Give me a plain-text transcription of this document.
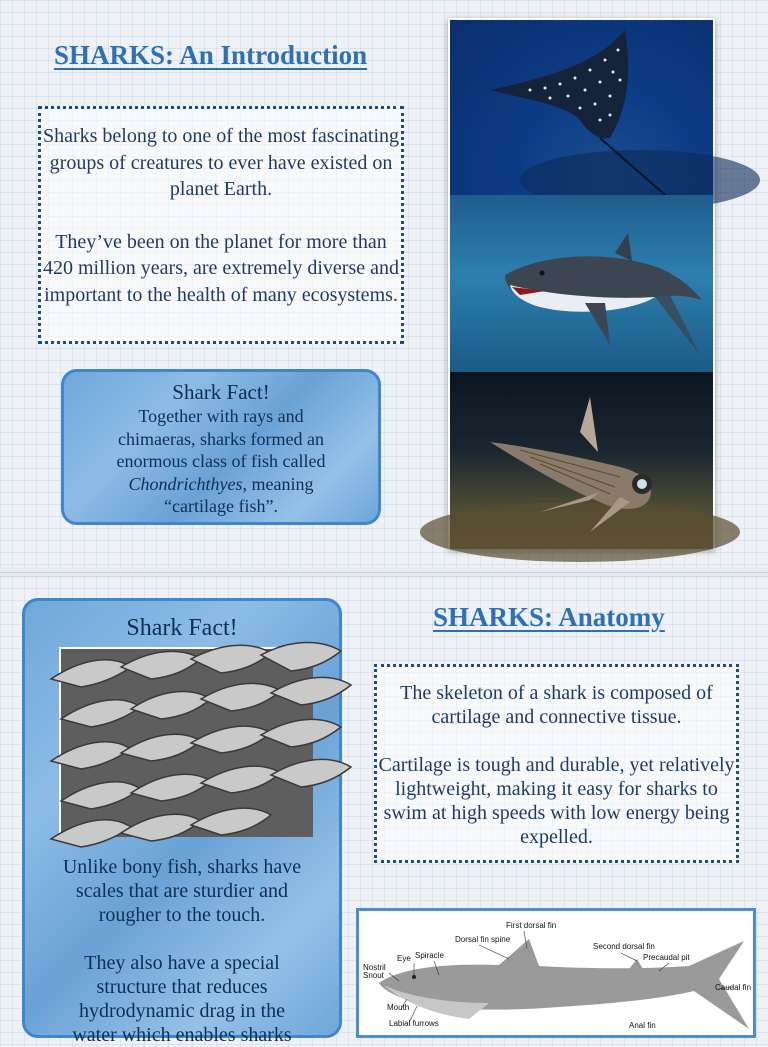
SHARKS: An Introduction

Sharks belong to one of the most fascinating groups of creatures to ever have existed on planet Earth.

They’ve been on the planet for more than 420 million years, are extremely diverse and important to the health of many ecosystems.

Shark Fact!
Together with rays and chimaeras, sharks formed an enormous class of fish called Chondrichthyes, meaning “cartilage fish”.
Shark Fact!

Unlike bony fish, sharks have scales that are sturdier and rougher to the touch.

They also have a special structure that reduces hydrodynamic drag in the water which enables sharks

SHARKS: Anatomy

The skeleton of a shark is composed of cartilage and connective tissue.

Cartilage is tough and durable, yet relatively lightweight, making it easy for sharks to swim at high speeds with low energy being expelled.

First dorsal fin
Dorsal fin spine
Second dorsal fin
Eye Spiracle
Nostril
Snout
Precaudal pit
Caudal fin
Mouth
Labial furrows	Anal fin
